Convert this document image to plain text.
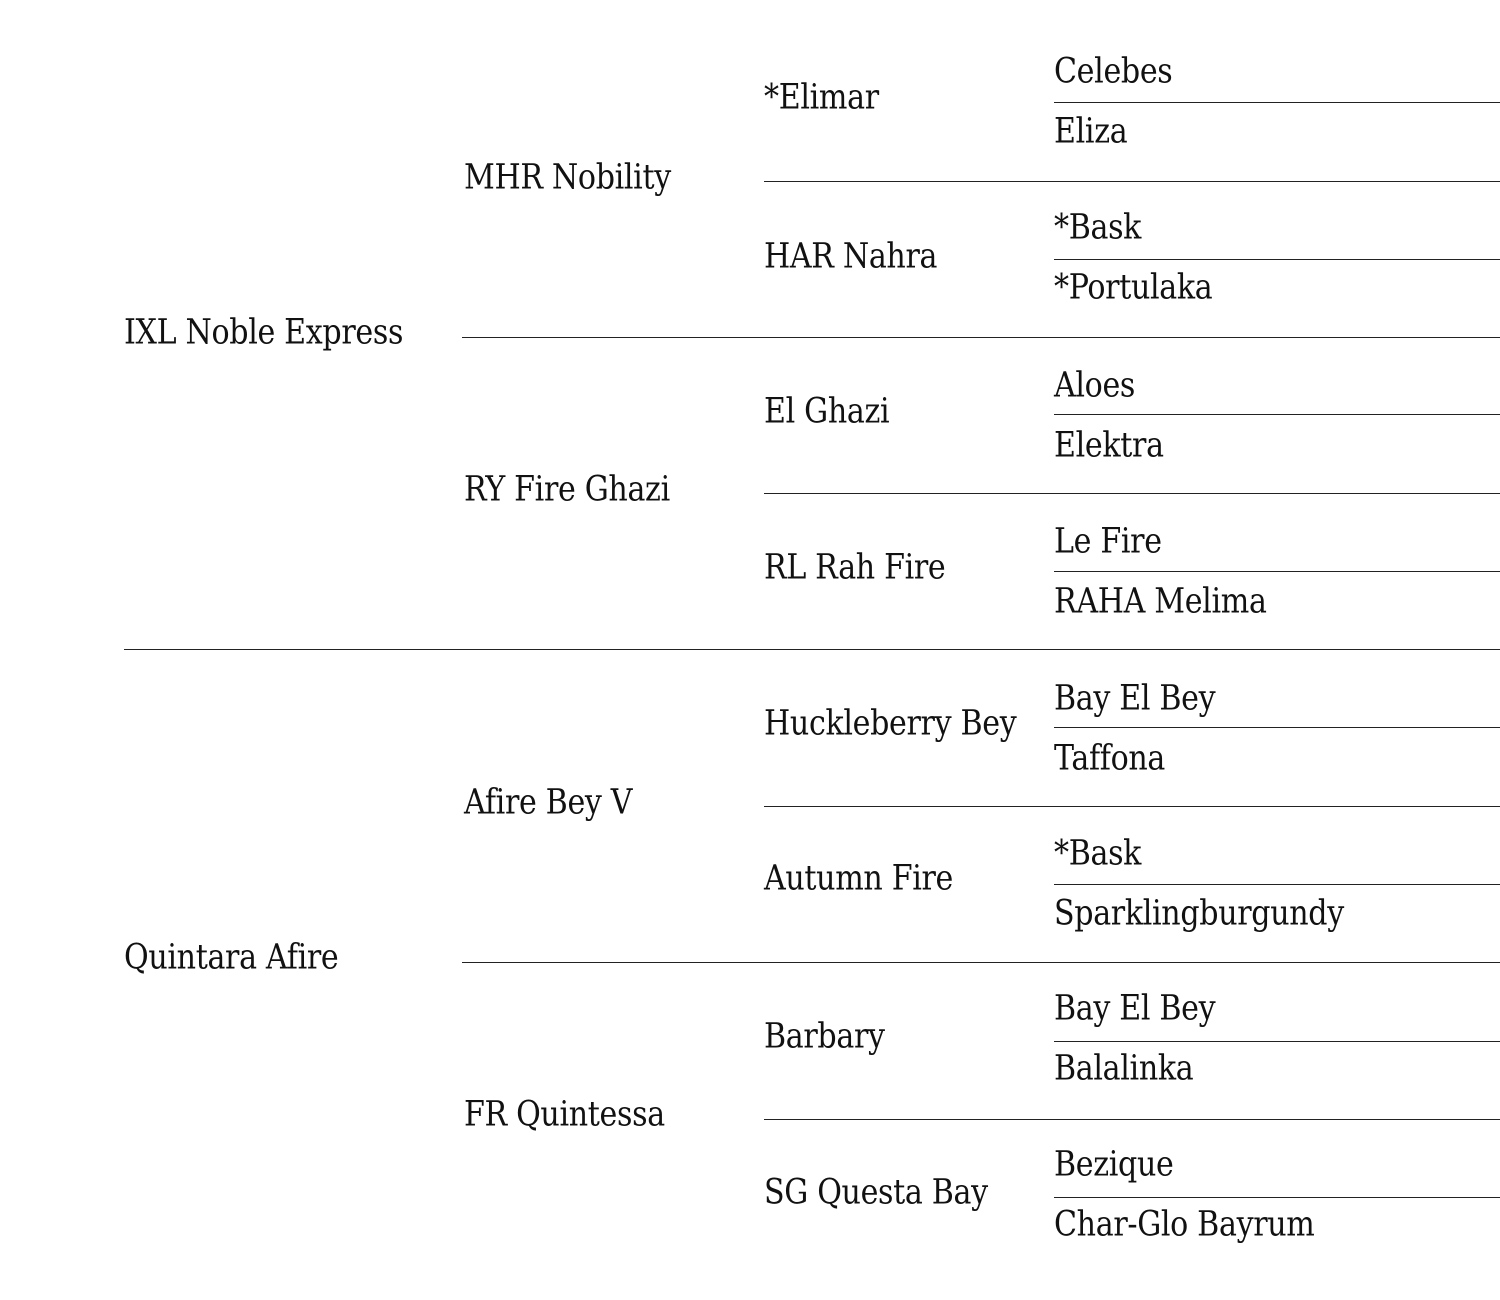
IXL Noble Express
Quintara Afire
MHR Nobility
RY Fire Ghazi
Afire Bey V
FR Quintessa
*Elimar
HAR Nahra
El Ghazi
RL Rah Fire
Huckleberry Bey
Autumn Fire
Barbary
SG Questa Bay
Celebes
Eliza
*Bask
*Portulaka
Aloes
Elektra
Le Fire
RAHA Melima
Bay El Bey
Taffona
*Bask
Sparklingburgundy
Bay El Bey
Balalinka
Bezique
Char-Glo Bayrum
